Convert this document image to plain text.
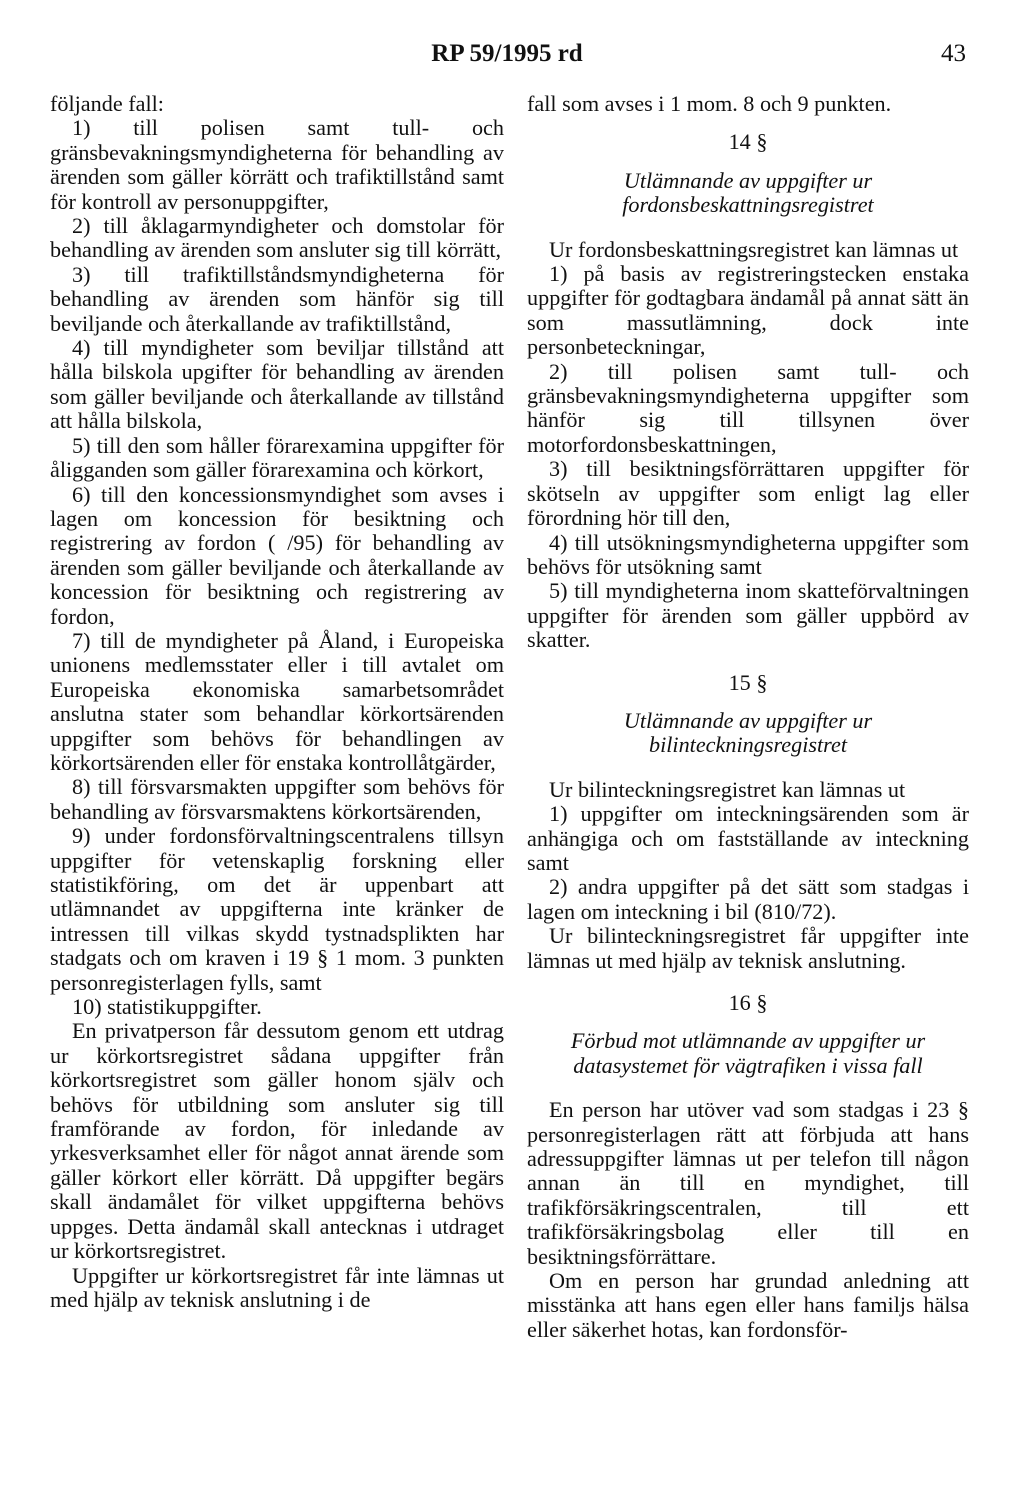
RP 59/1995 rd	43

följande fall:

1) till polisen samt tull- och gränsbevakningsmyndigheterna för behandling av ärenden som gäller körrätt och trafiktillstånd samt för kontroll av personuppgifter,

2) till åklagarmyndigheter och domstolar för behandling av ärenden som ansluter sig till körrätt,

3) till trafiktillståndsmyndigheterna för behandling av ärenden som hänför sig till beviljande och återkallande av trafiktillstånd,

4) till myndigheter som beviljar tillstånd att hålla bilskola upgifter för behandling av ärenden som gäller beviljande och återkallande av tillstånd att hålla bilskola,

5) till den som håller förarexamina uppgifter för åligganden som gäller förarexamina och körkort,

6) till den koncessionsmyndighet som avses i lagen om koncession för besiktning och registrering av fordon ( /95) för behandling av ärenden som gäller beviljande och återkallande av koncession för besiktning och registrering av fordon,

7) till de myndigheter på Åland, i Europeiska unionens medlemsstater eller i till avtalet om Europeiska ekonomiska samarbetsområdet anslutna stater som behandlar körkortsärenden uppgifter som behövs för behandlingen av körkortsärenden eller för enstaka kontrollåtgärder,

8) till försvarsmakten uppgifter som behövs för behandling av försvarsmaktens körkortsärenden,

9) under fordonsförvaltningscentralens tillsyn uppgifter för vetenskaplig forskning eller statistikföring, om det är uppenbart att utlämnandet av uppgifterna inte kränker de intressen till vilkas skydd tystnadsplikten har stadgats och om kraven i 19 § 1 mom. 3 punkten personregisterlagen fylls, samt

10) statistikuppgifter.

En privatperson får dessutom genom ett utdrag ur körkortsregistret sådana uppgifter från körkortsregistret som gäller honom själv och behövs för utbildning som ansluter sig till framförande av fordon, för inledande av yrkesverksamhet eller för något annat ärende som gäller körkort eller körrätt. Då uppgifter begärs skall ändamålet för vilket uppgifterna behövs uppges. Detta ändamål skall antecknas i utdraget ur körkortsregistret.

Uppgifter ur körkortsregistret får inte lämnas ut med hjälp av teknisk anslutning i de

fall som avses i 1 mom. 8 och 9 punkten.

14 §
Utlämnande av uppgifter ur
fordonsbeskattningsregistret

Ur fordonsbeskattningsregistret kan lämnas ut

1) på basis av registreringstecken enstaka uppgifter för godtagbara ändamål på annat sätt än som massutlämning, dock inte personbeteckningar,

2) till polisen samt tull- och gränsbevakningsmyndigheterna uppgifter som hänför sig till tillsynen över motorfordonsbeskattningen,

3) till besiktningsförrättaren uppgifter för skötseln av uppgifter som enligt lag eller förordning hör till den,

4) till utsökningsmyndigheterna uppgifter som behövs för utsökning samt

5) till myndigheterna inom skatteförvaltningen uppgifter för ärenden som gäller uppbörd av skatter.

15 §
Utlämnande av uppgifter ur
bilinteckningsregistret

Ur bilinteckningsregistret kan lämnas ut

1) uppgifter om inteckningsärenden som är anhängiga och om fastställande av inteckning samt

2) andra uppgifter på det sätt som stadgas i lagen om inteckning i bil (810/72).

Ur bilinteckningsregistret får uppgifter inte lämnas ut med hjälp av teknisk anslutning.

16 §
Förbud mot utlämnande av uppgifter ur
datasystemet för vägtrafiken i vissa fall

En person har utöver vad som stadgas i 23 § personregisterlagen rätt att förbjuda att hans adressuppgifter lämnas ut per telefon till någon annan än till en myndighet, till trafikförsäkringscentralen, till ett trafikförsäkringsbolag eller till en besiktningsförrättare.

Om en person har grundad anledning att misstänka att hans egen eller hans familjs hälsa eller säkerhet hotas, kan fordonsför-
